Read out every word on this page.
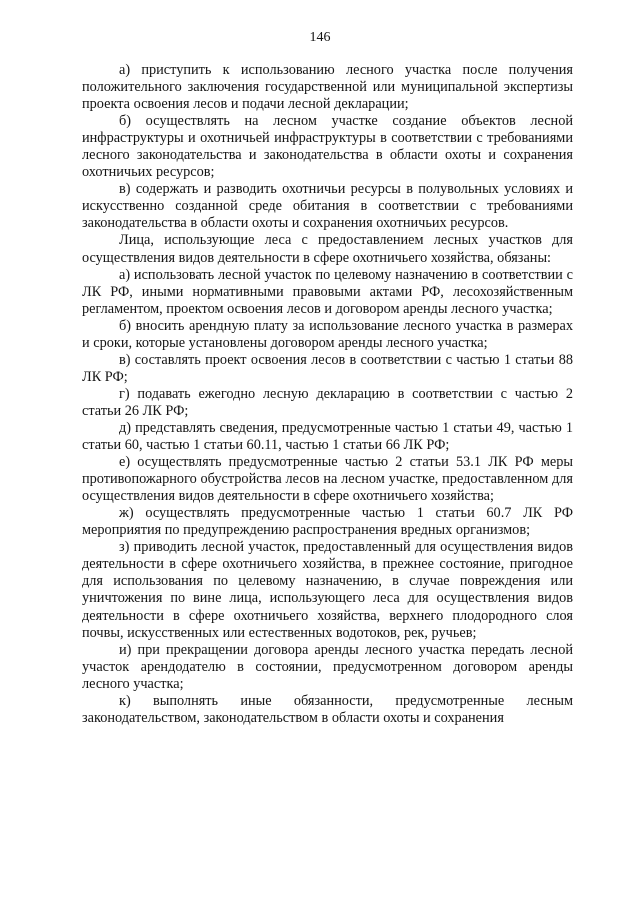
146

а) приступить к использованию лесного участка после получения положительного заключения государственной или муниципальной экспертизы проекта освоения лесов и подачи лесной декларации;

б) осуществлять на лесном участке создание объектов лесной инфраструктуры и охотничьей инфраструктуры в соответствии с требованиями лесного законодательства и законодательства в области охоты и сохранения охотничьих ресурсов;

в) содержать и разводить охотничьи ресурсы в полувольных условиях и искусственно созданной среде обитания в соответствии с требованиями законодательства в области охоты и сохранения охотничьих ресурсов.

Лица, использующие леса с предоставлением лесных участков для осуществления видов деятельности в сфере охотничьего хозяйства, обязаны:

а) использовать лесной участок по целевому назначению в соответствии с ЛК РФ, иными нормативными правовыми актами РФ, лесохозяйственным регламентом, проектом освоения лесов и договором аренды лесного участка;

б) вносить арендную плату за использование лесного участка в размерах и сроки, которые установлены договором аренды лесного участка;

в) составлять проект освоения лесов в соответствии с частью 1 статьи 88 ЛК РФ;

г) подавать ежегодно лесную декларацию в соответствии с частью 2 статьи 26 ЛК РФ;

д) представлять сведения, предусмотренные частью 1 статьи 49, частью 1 статьи 60, частью 1 статьи 60.11, частью 1 статьи 66 ЛК РФ;

е) осуществлять предусмотренные частью 2 статьи 53.1 ЛК РФ меры противопожарного обустройства лесов на лесном участке, предоставленном для осуществления видов деятельности в сфере охотничьего хозяйства;

ж) осуществлять предусмотренные частью 1 статьи 60.7 ЛК РФ мероприятия по предупреждению распространения вредных организмов;

з) приводить лесной участок, предоставленный для осуществления видов деятельности в сфере охотничьего хозяйства, в прежнее состояние, пригодное для использования по целевому назначению, в случае повреждения или уничтожения по вине лица, использующего леса для осуществления видов деятельности в сфере охотничьего хозяйства, верхнего плодородного слоя почвы, искусственных или естественных водотоков, рек, ручьев;

и) при прекращении договора аренды лесного участка передать лесной участок арендодателю в состоянии, предусмотренном договором аренды лесного участка;

к) выполнять иные обязанности, предусмотренные лесным законодательством, законодательством в области охоты и сохранения
